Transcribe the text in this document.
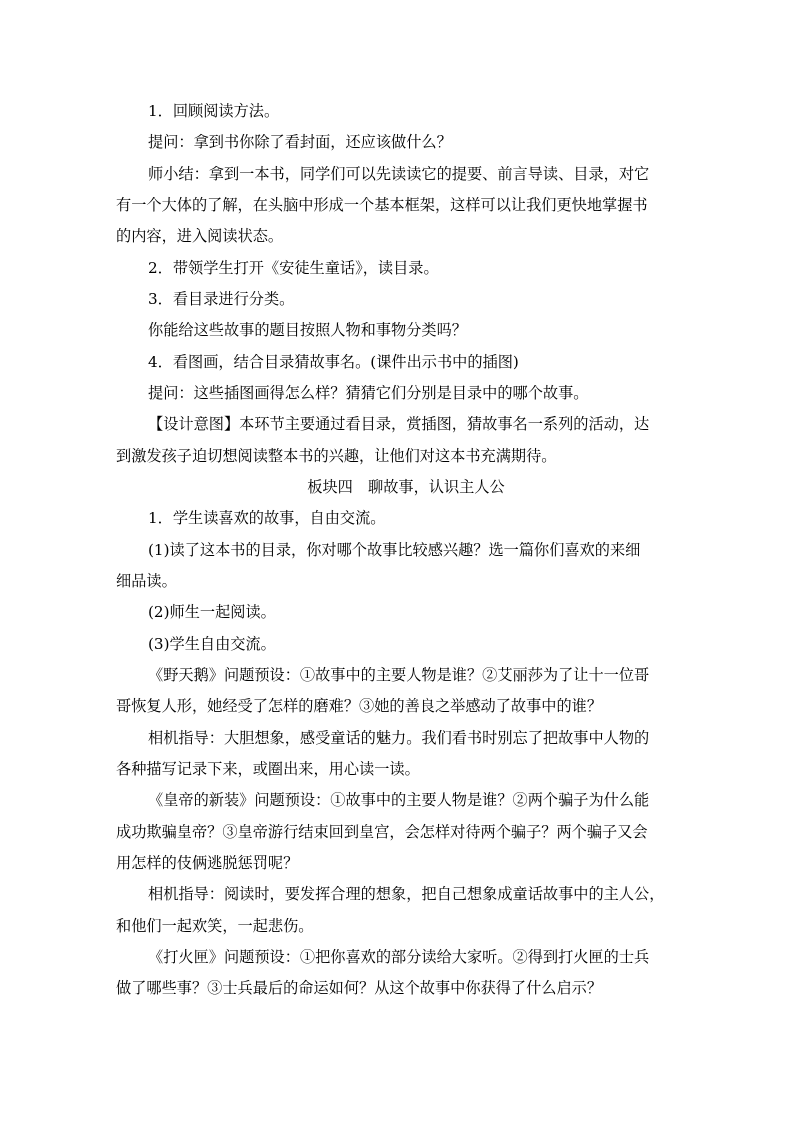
1．回顾阅读方法。
提问：拿到书你除了看封面，还应该做什么？
师小结：拿到一本书，同学们可以先读读它的提要、前言导读、目录，对它
有一个大体的了解，在头脑中形成一个基本框架，这样可以让我们更快地掌握书
的内容，进入阅读状态。
2．带领学生打开《安徒生童话》，读目录。
3．看目录进行分类。
你能给这些故事的题目按照人物和事物分类吗？
4．看图画，结合目录猜故事名。(课件出示书中的插图)
提问：这些插图画得怎么样？猜猜它们分别是目录中的哪个故事。
【设计意图】本环节主要通过看目录，赏插图，猜故事名一系列的活动，达
到激发孩子迫切想阅读整本书的兴趣，让他们对这本书充满期待。
板块四　聊故事，认识主人公
1．学生读喜欢的故事，自由交流。
(1)读了这本书的目录，你对哪个故事比较感兴趣？选一篇你们喜欢的来细
细品读。
(2)师生一起阅读。
(3)学生自由交流。
《野天鹅》问题预设：①故事中的主要人物是谁？②艾丽莎为了让十一位哥
哥恢复人形，她经受了怎样的磨难？③她的善良之举感动了故事中的谁？
相机指导：大胆想象，感受童话的魅力。我们看书时别忘了把故事中人物的
各种描写记录下来，或圈出来，用心读一读。
《皇帝的新装》问题预设：①故事中的主要人物是谁？②两个骗子为什么能
成功欺骗皇帝？③皇帝游行结束回到皇宫，会怎样对待两个骗子？两个骗子又会
用怎样的伎俩逃脱惩罚呢？
相机指导：阅读时，要发挥合理的想象，把自己想象成童话故事中的主人公，
和他们一起欢笑，一起悲伤。
《打火匣》问题预设：①把你喜欢的部分读给大家听。②得到打火匣的士兵
做了哪些事？③士兵最后的命运如何？从这个故事中你获得了什么启示？
